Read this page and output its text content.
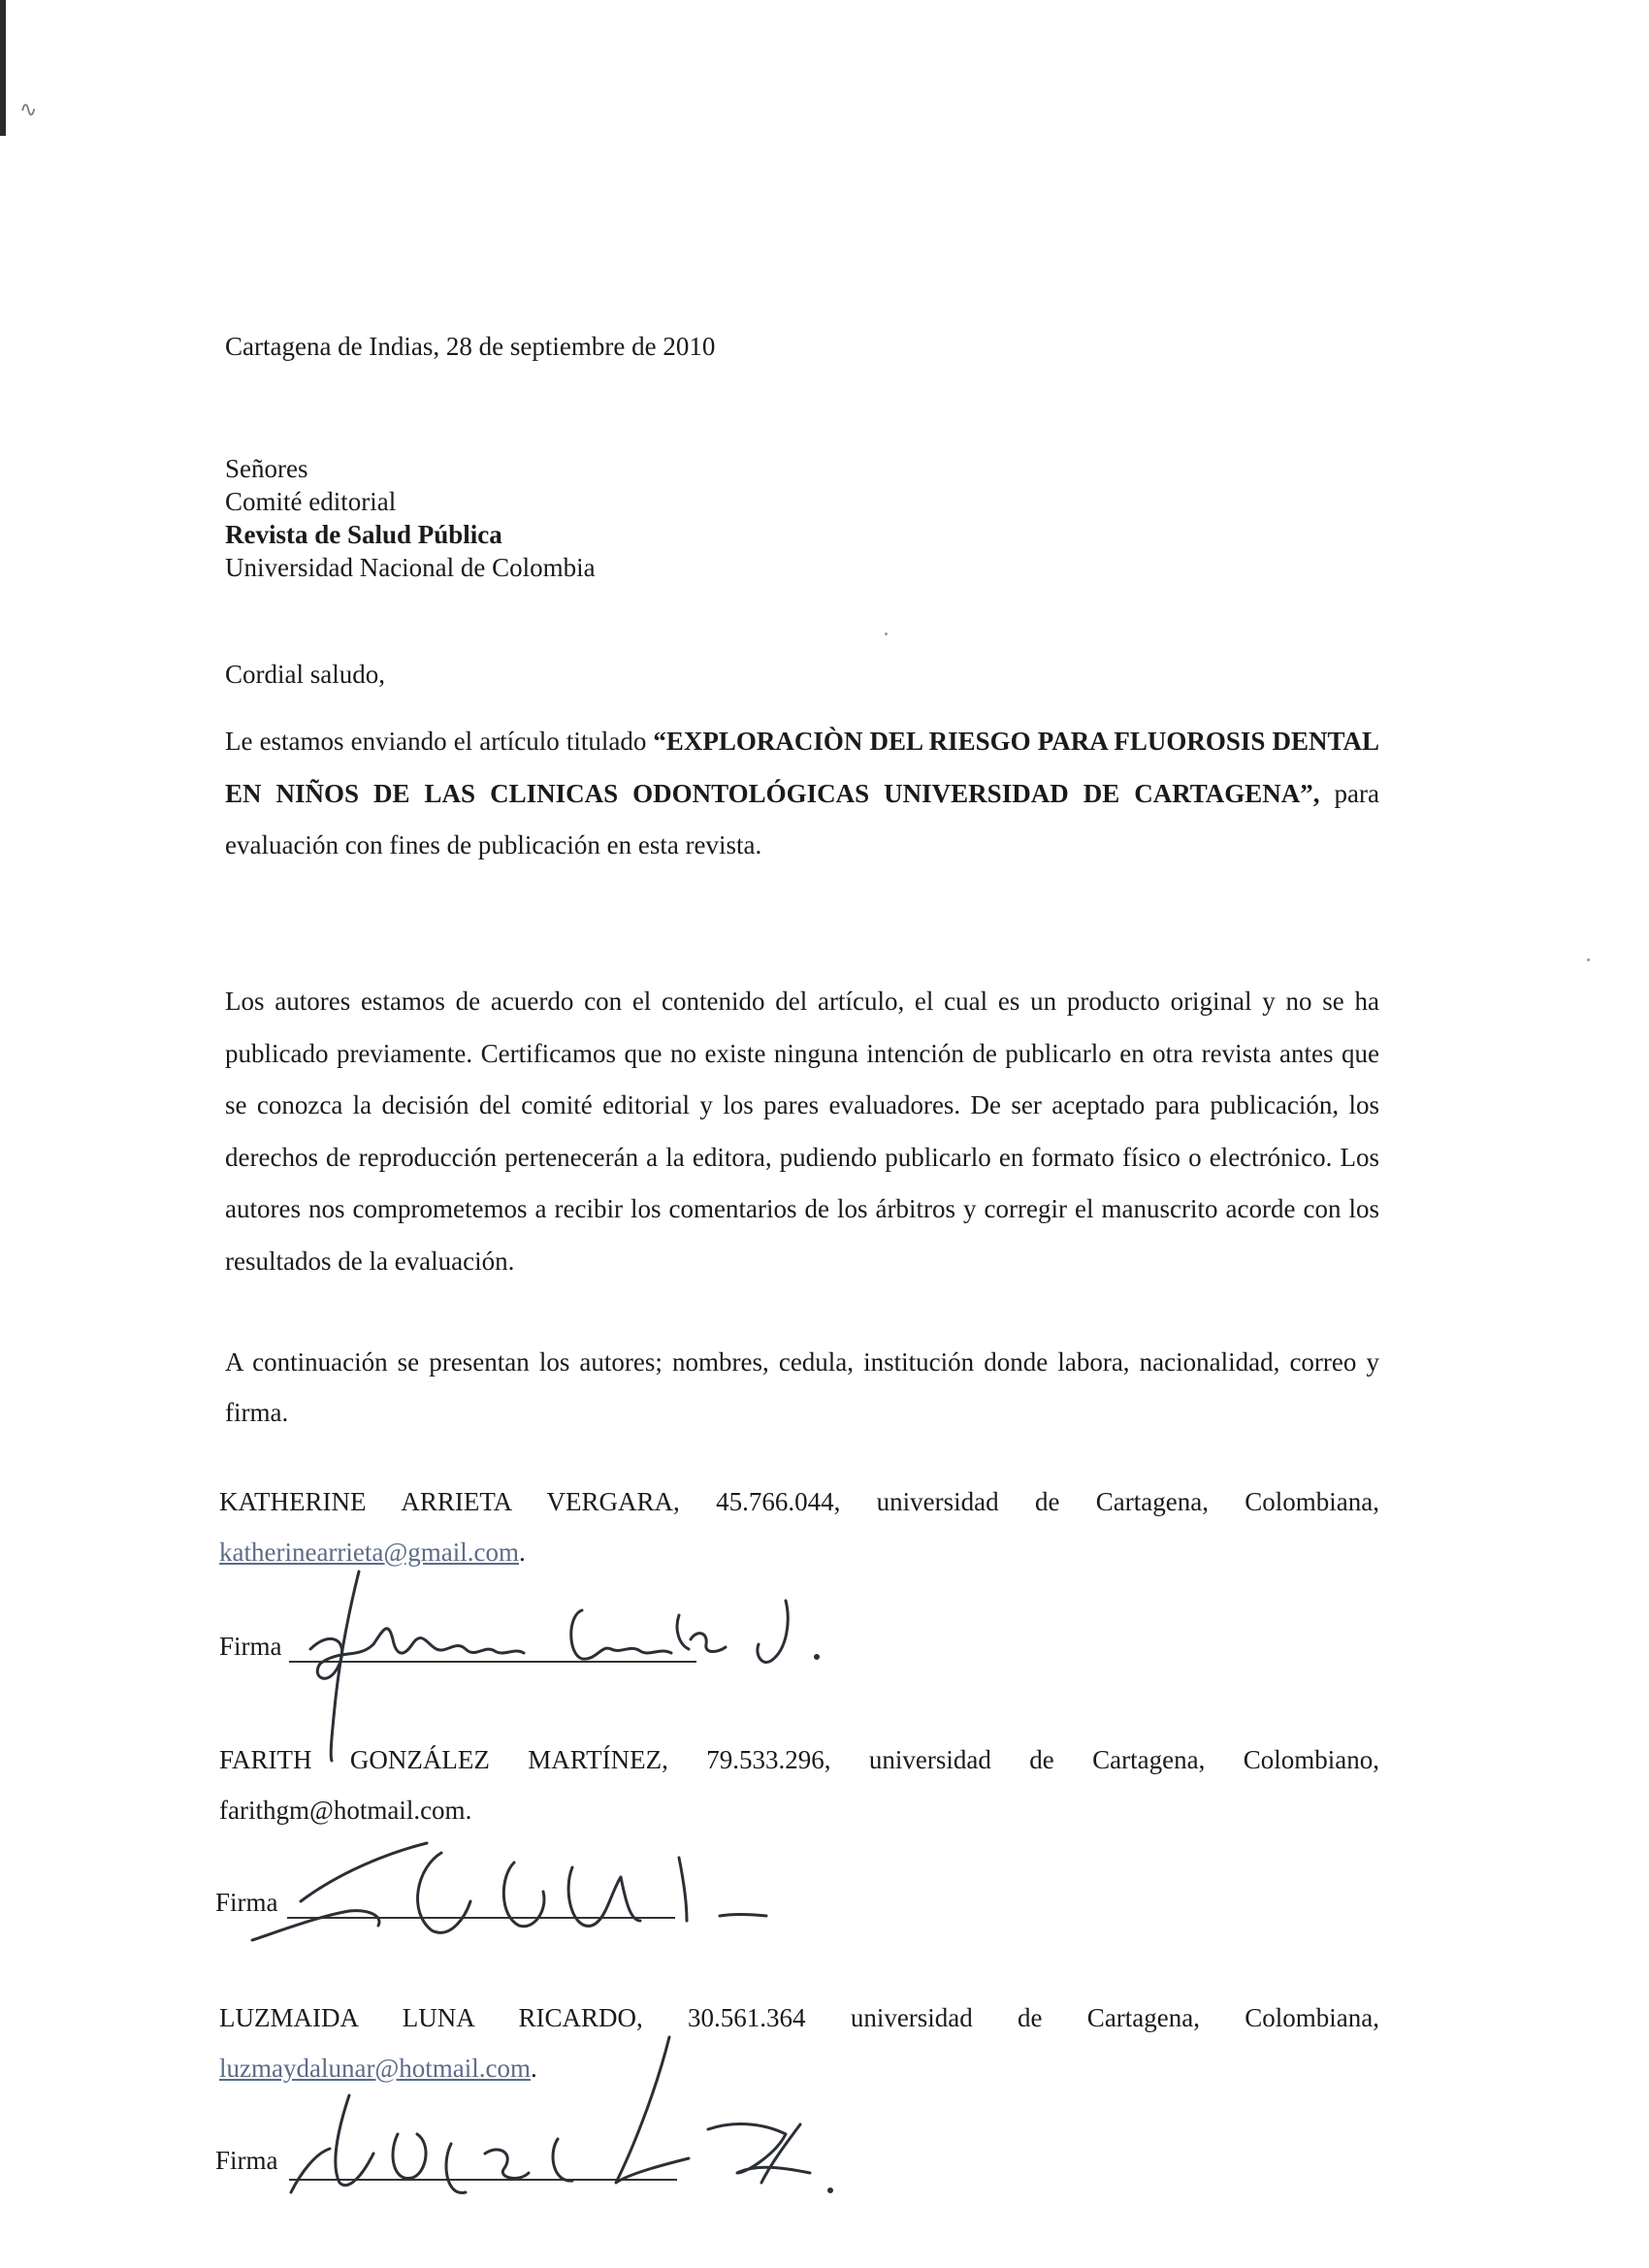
∿
Cartagena de Indias, 28 de septiembre de 2010
Señores
Comité editorial
Revista de Salud Pública
Universidad Nacional de Colombia
Cordial saludo,
Le estamos enviando el artículo titulado “EXPLORACIÒN DEL RIESGO PARA FLUOROSIS DENTAL EN NIÑOS DE LAS CLINICAS ODONTOLÓGICAS UNIVERSIDAD DE CARTAGENA”, para evaluación con fines de publicación en esta revista.
Los autores estamos de acuerdo con el contenido del artículo, el cual es un producto original y no se ha publicado previamente. Certificamos que no existe ninguna intención de publicarlo en otra revista antes que se conozca la decisión del comité editorial y los pares evaluadores. De ser aceptado para publicación, los derechos de reproducción pertenecerán a la editora, pudiendo publicarlo en formato físico o electrónico. Los autores nos comprometemos a recibir los comentarios de los árbitros y corregir el manuscrito acorde con los resultados de la evaluación.
A continuación se presentan los autores; nombres, cedula, institución donde labora, nacionalidad, correo y firma.
KATHERINE ARRIETA VERGARA, 45.766.044, universidad de Cartagena, Colombiana, katherinearrieta@gmail.com.
Firma
FARITH GONZÁLEZ MARTÍNEZ, 79.533.296, universidad de Cartagena, Colombiano, farithgm@hotmail.com.
Firma
LUZMAIDA LUNA RICARDO, 30.561.364 universidad de Cartagena, Colombiana, luzmaydalunar@hotmail.com.
Firma
